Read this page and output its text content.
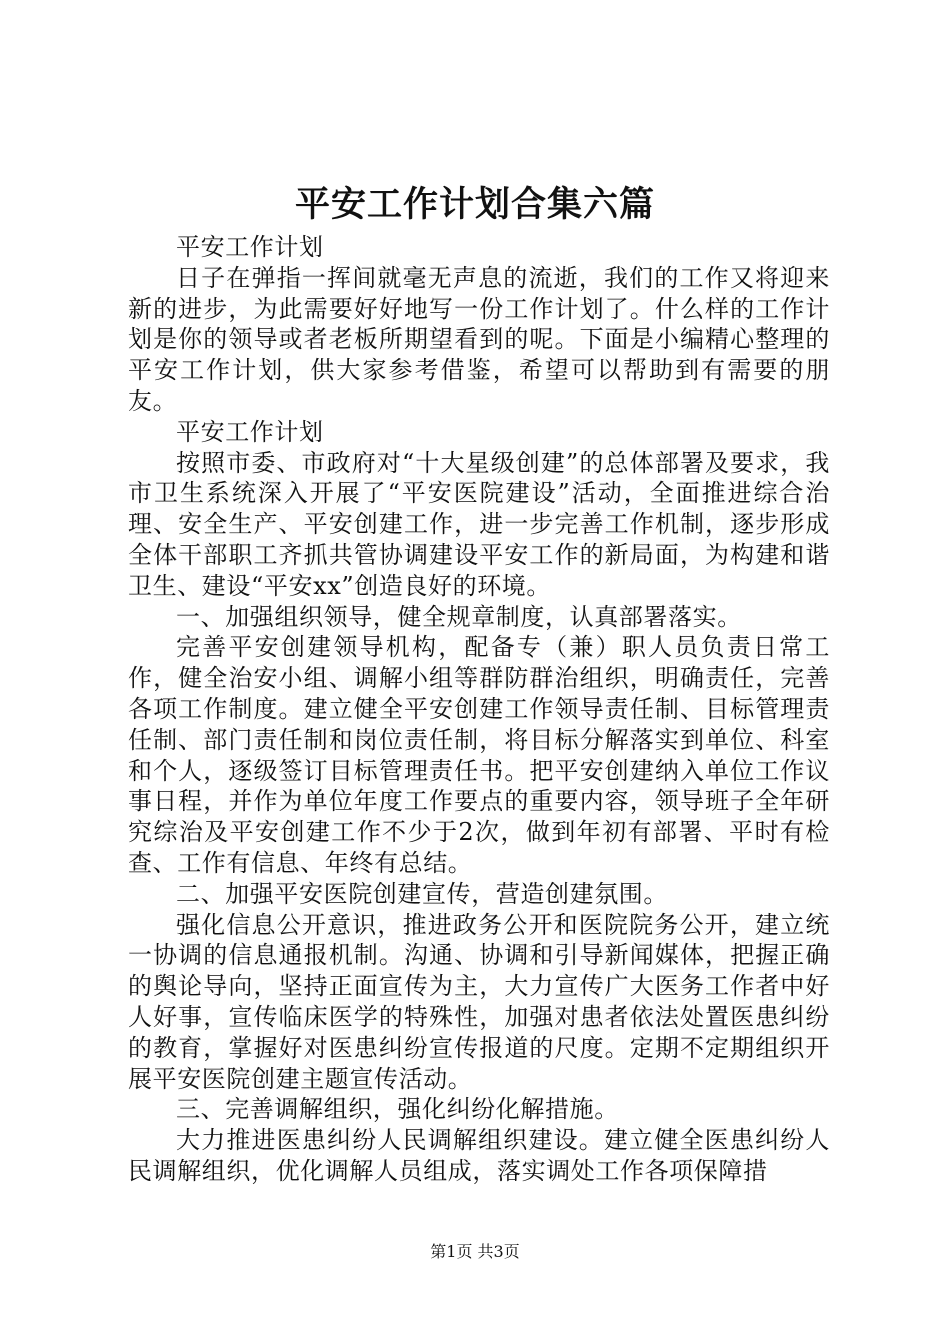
平安工作计划合集六篇

平安工作计划

日子在弹指一挥间就毫无声息的流逝，我们的工作又将迎来新的进步，为此需要好好地写一份工作计划了。什么样的工作计划是你的领导或者老板所期望看到的呢。下面是小编精心整理的平安工作计划，供大家参考借鉴，希望可以帮助到有需要的朋友。

平安工作计划

按照市委、市政府对“十大星级创建”的总体部署及要求，我市卫生系统深入开展了“平安医院建设”活动，全面推进综合治理、安全生产、平安创建工作，进一步完善工作机制，逐步形成全体干部职工齐抓共管协调建设平安工作的新局面，为构建和谐卫生、建设“平安xx”创造良好的环境。

一、加强组织领导，健全规章制度，认真部署落实。

完善平安创建领导机构，配备专（兼）职人员负责日常工作，健全治安小组、调解小组等群防群治组织，明确责任，完善各项工作制度。建立健全平安创建工作领导责任制、目标管理责任制、部门责任制和岗位责任制，将目标分解落实到单位、科室和个人，逐级签订目标管理责任书。把平安创建纳入单位工作议事日程，并作为单位年度工作要点的重要内容，领导班子全年研究综治及平安创建工作不少于2次，做到年初有部署、平时有检查、工作有信息、年终有总结。

二、加强平安医院创建宣传，营造创建氛围。

强化信息公开意识，推进政务公开和医院院务公开，建立统一协调的信息通报机制。沟通、协调和引导新闻媒体，把握正确的舆论导向，坚持正面宣传为主，大力宣传广大医务工作者中好人好事，宣传临床医学的特殊性，加强对患者依法处置医患纠纷的教育，掌握好对医患纠纷宣传报道的尺度。定期不定期组织开展平安医院创建主题宣传活动。

三、完善调解组织，强化纠纷化解措施。

大力推进医患纠纷人民调解组织建设。建立健全医患纠纷人民调解组织，优化调解人员组成，落实调处工作各项保障措

第1页 共3页
